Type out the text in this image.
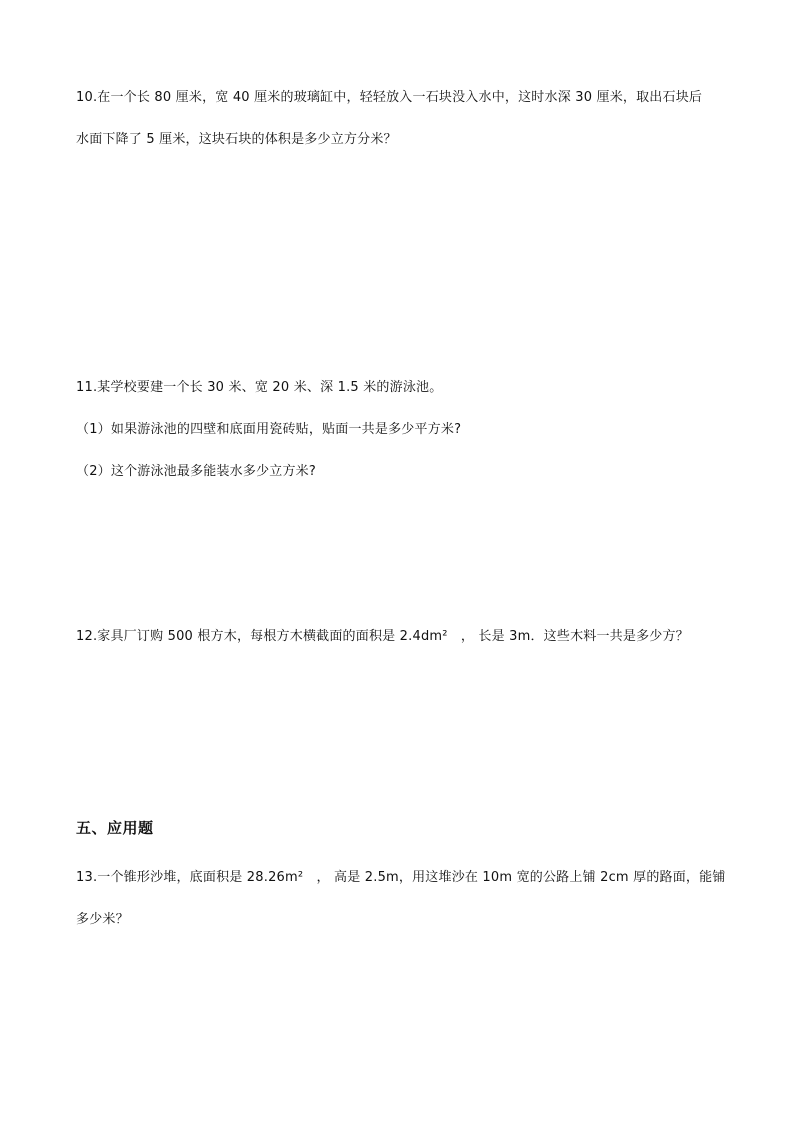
10.在一个长 80 厘米，宽 40 厘米的玻璃缸中，轻轻放入一石块没入水中，这时水深 30 厘米，取出石块后
水面下降了 5 厘米，这块石块的体积是多少立方分米？
11.某学校要建一个长 30 米、宽 20 米、深 1.5 米的游泳池。
（1）如果游泳池的四壁和底面用瓷砖贴，贴面一共是多少平方米?
（2）这个游泳池最多能装水多少立方米?
12.家具厂订购 500 根方木，每根方木横截面的面积是 2.4dm²　， 长是 3m．这些木料一共是多少方？
五、应用题
13.一个锥形沙堆，底面积是 28.26m²　， 高是 2.5m，用这堆沙在 10m 宽的公路上铺 2cm 厚的路面，能铺
多少米？
